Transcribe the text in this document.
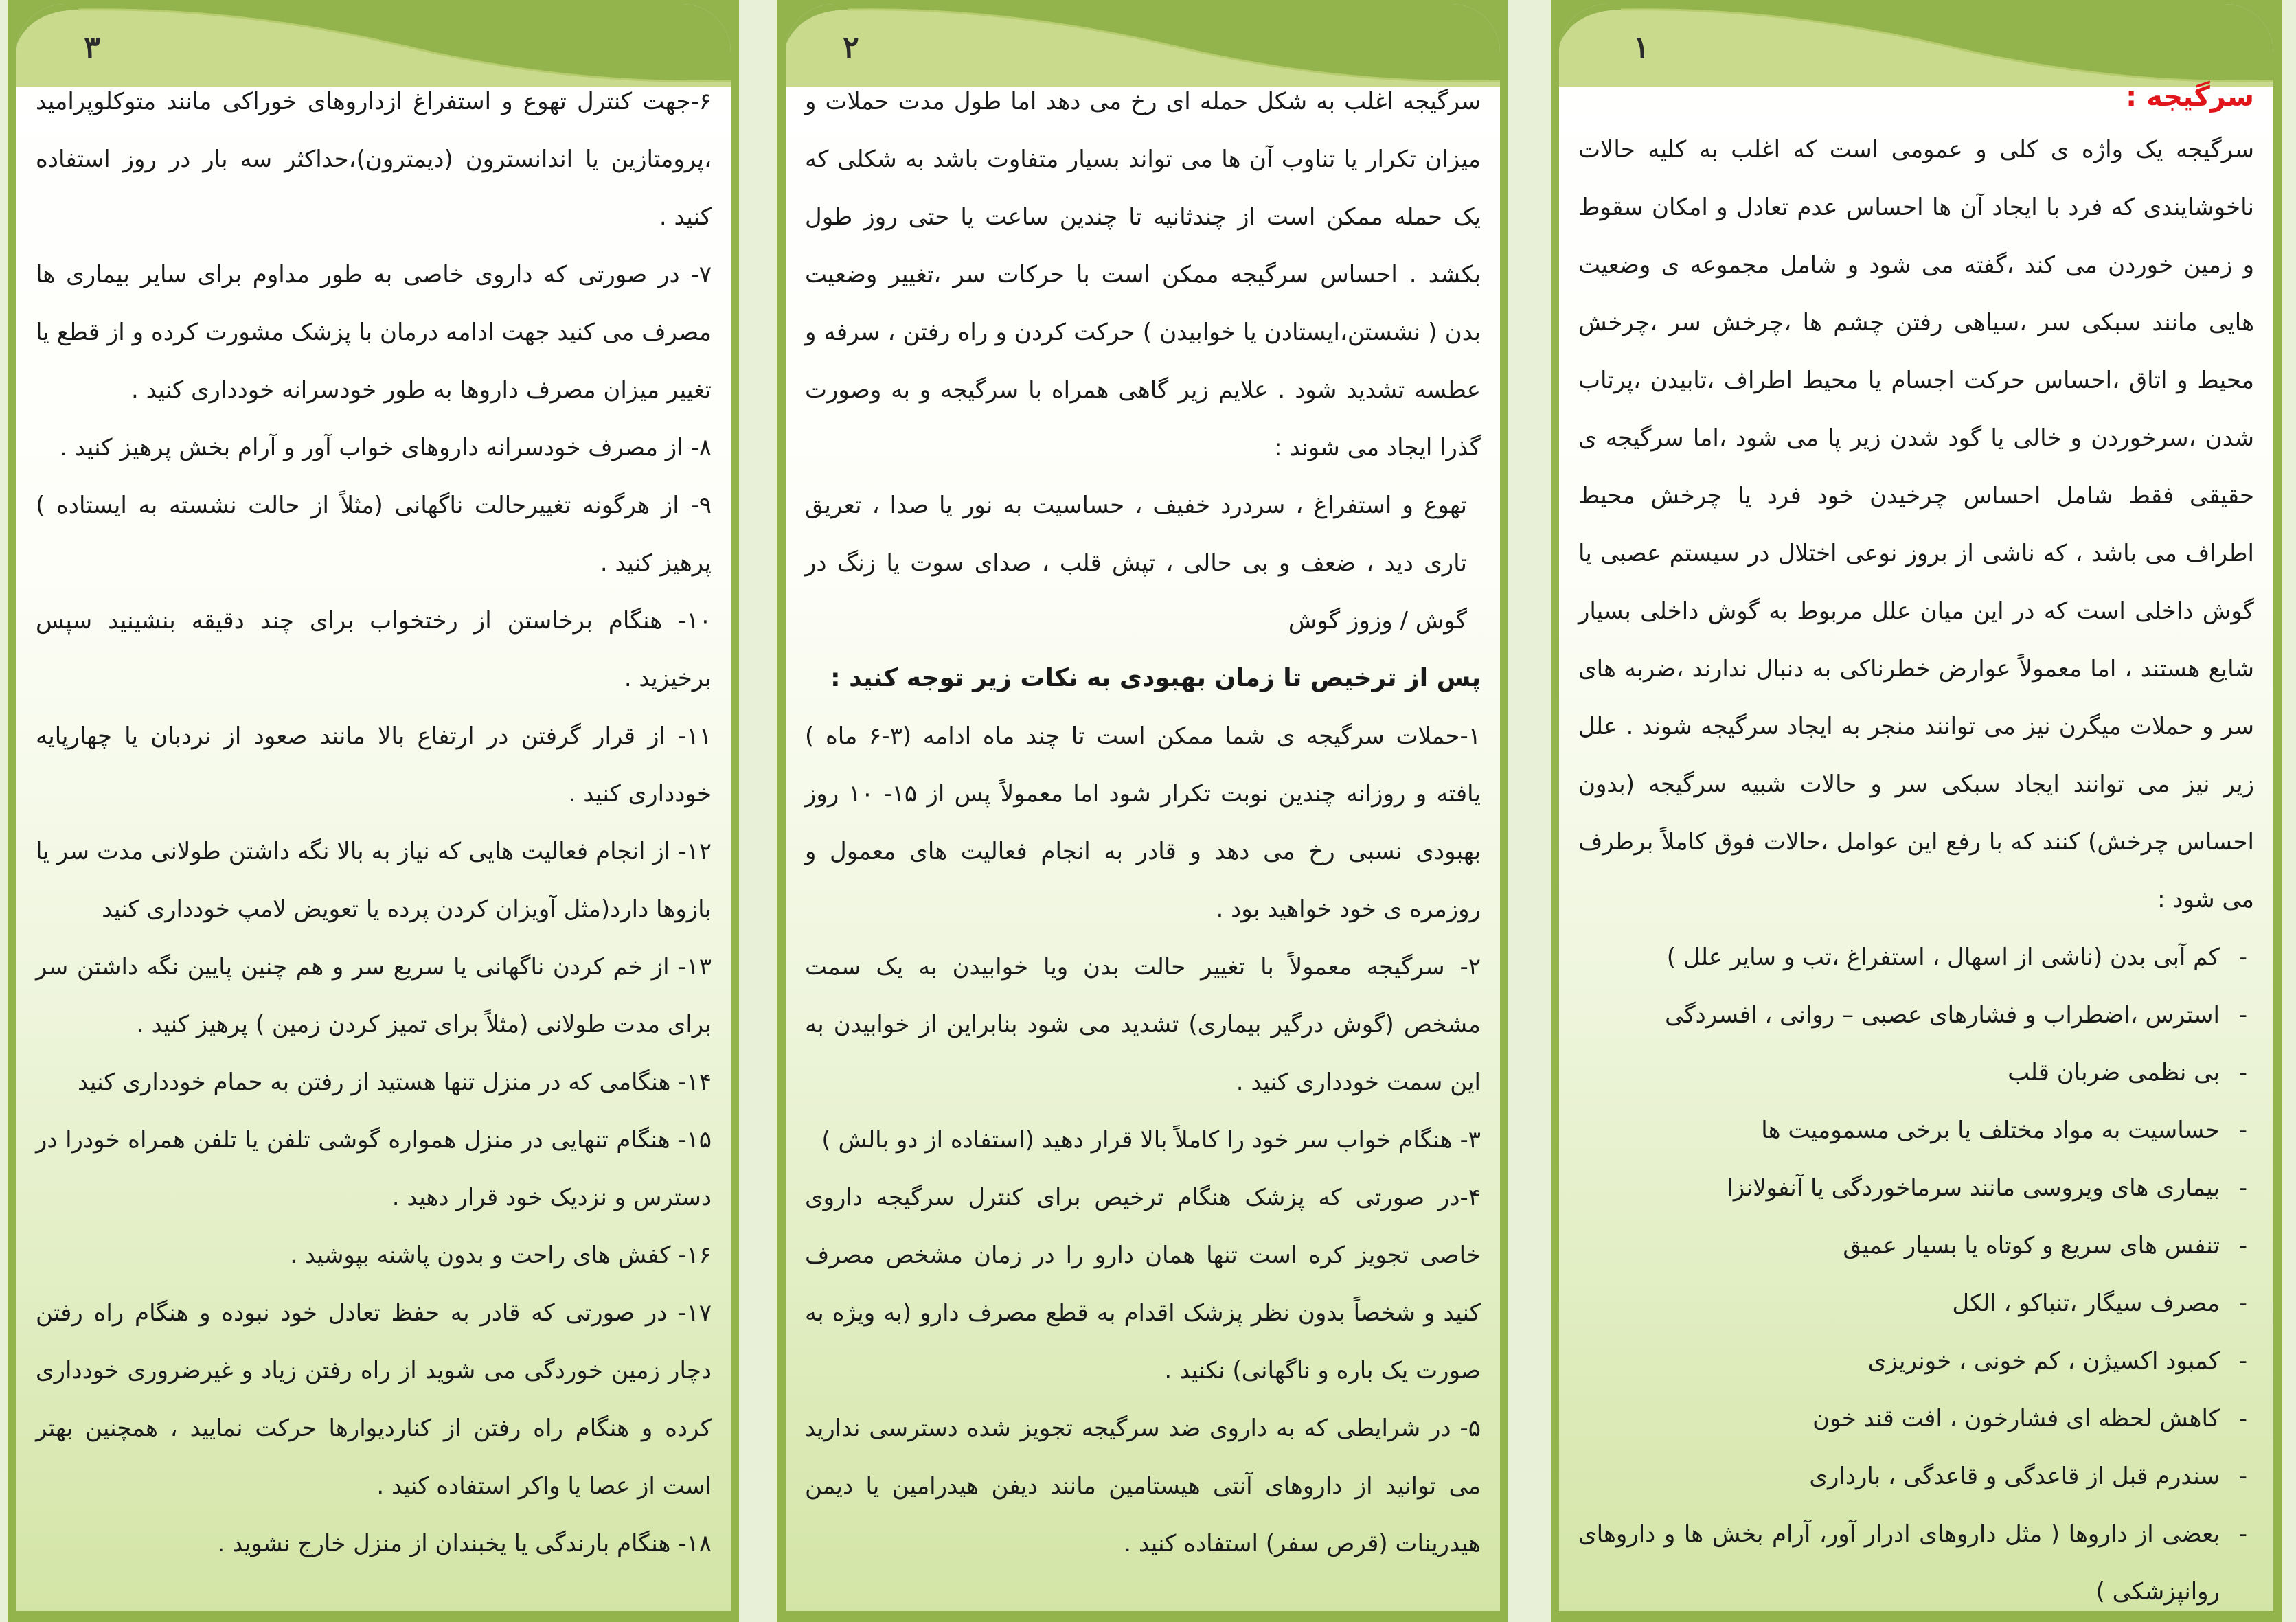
۱

سرگیجه :

سرگیجه یک واژه ی کلی و عمومی است که اغلب به کلیه حالات ناخوشایندی که فرد با ایجاد آن ها احساس عدم تعادل و امکان سقوط و زمین خوردن می کند ،گفته می شود و شامل مجموعه ی وضعیت هایی مانند سبکی سر ،سیاهی رفتن چشم ها ،چرخش سر ،چرخش محیط و اتاق ،احساس حرکت اجسام یا محیط اطراف ،تابیدن ،پرتاب شدن ،سرخوردن و خالی یا گود شدن زیر پا می شود ،اما سرگیجه ی حقیقی فقط شامل احساس چرخیدن خود فرد یا چرخش محیط اطراف می باشد ، که ناشی از بروز نوعی اختلال در سیستم عصبی یا گوش داخلی است که در این میان علل مربوط به گوش داخلی بسیار شایع هستند ، اما معمولاً عوارض خطرناکی به دنبال ندارند ،ضربه های سر و حملات میگرن نیز می توانند منجر به ایجاد سرگیجه شوند . علل زیر نیز می توانند ایجاد سبکی سر و حالات شبیه سرگیجه (بدون احساس چرخش) کنند که با رفع این عوامل ،حالات فوق کاملاً برطرف می شود :

- کم آبی بدن (ناشی از اسهال ، استفراغ ،تب و سایر علل )
- استرس ،اضطراب و فشارهای عصبی – روانی ، افسردگی
- بی نظمی ضربان قلب
- حساسیت به مواد مختلف یا برخی مسمومیت ها
- بیماری های ویروسی مانند سرماخوردگی یا آنفولانزا
- تنفس های سریع و کوتاه یا بسیار عمیق
- مصرف سیگار ،تنباکو ، الکل
- کمبود اکسیژن ، کم خونی ، خونریزی
- کاهش لحظه ای فشارخون ، افت قند خون
- سندرم قبل از قاعدگی و قاعدگی ، بارداری
- بعضی از داروها ( مثل داروهای ادرار آور، آرام بخش ها و داروهای روانپزشکی )
۲

سرگیجه اغلب به شکل حمله ای رخ می دهد اما طول مدت حملات و میزان تکرار یا تناوب آن ها می تواند بسیار متفاوت باشد به شکلی که یک حمله ممکن است از چندثانیه تا چندین ساعت یا حتی روز طول بکشد . احساس سرگیجه ممکن است با حرکات سر ،تغییر وضعیت بدن ( نشستن،ایستادن یا خوابیدن ) حرکت کردن و راه رفتن ، سرفه و عطسه تشدید شود . علایم زیر گاهی همراه با سرگیجه و به وصورت گذرا ایجاد می شوند :

تهوع و استفراغ ، سردرد خفیف ، حساسیت به نور یا صدا ، تعریق تاری دید ، ضعف و بی حالی ، تپش قلب ، صدای سوت یا زنگ در گوش / وزوز گوش

پس از ترخیص تا زمان بهبودی به نکات زیر توجه کنید :

۱-حملات سرگیجه ی شما ممکن است تا چند ماه ادامه (۳-۶ ماه ) یافته و روزانه چندین نوبت تکرار شود اما معمولاً پس از ۱۵- ۱۰ روز بهبودی نسبی رخ می دهد و قادر به انجام فعالیت های معمول و روزمره ی خود خواهید بود .

۲- سرگیجه معمولاً با تغییر حالت بدن ویا خوابیدن به یک سمت مشخص (گوش درگیر بیماری) تشدید می شود بنابراین از خوابیدن به این سمت خودداری کنید .

۳- هنگام خواب سر خود را کاملاً بالا قرار دهید (استفاده از دو بالش )

۴-در صورتی که پزشک هنگام ترخیص برای کنترل سرگیجه داروی خاصی تجویز کره است تنها همان دارو را در زمان مشخص مصرف کنید و شخصاً بدون نظر پزشک اقدام به قطع مصرف دارو (به ویژه به صورت یک باره و ناگهانی) نکنید .

۵- در شرایطی که به داروی ضد سرگیجه تجویز شده دسترسی ندارید می توانید از داروهای آنتی هیستامین مانند دیفن هیدرامین یا دیمن هیدرینات (قرص سفر) استفاده کنید .

۳

۶-جهت کنترل تهوع و استفراغ ازداروهای خوراکی مانند متوکلوپرامید ،پرومتازین یا اندانسترون (دیمترون)،حداکثر سه بار در روز استفاده کنید .

۷- در صورتی که داروی خاصی به طور مداوم برای سایر بیماری ها مصرف می کنید جهت ادامه درمان با پزشک مشورت کرده و از قطع یا تغییر میزان مصرف داروها به طور خودسرانه خودداری کنید .

۸- از مصرف خودسرانه داروهای خواب آور و آرام بخش پرهیز کنید .

۹- از هرگونه تغییرحالت ناگهانی (مثلاً از حالت نشسته به ایستاده ) پرهیز کنید .

۱۰- هنگام برخاستن از رختخواب برای چند دقیقه بنشینید سپس برخیزید .

۱۱- از قرار گرفتن در ارتفاع بالا مانند صعود از نردبان یا چهارپایه خودداری کنید .

۱۲- از انجام فعالیت هایی که نیاز به بالا نگه داشتن طولانی مدت سر یا بازوها دارد(مثل آویزان کردن پرده یا تعویض لامپ خودداری کنید

۱۳- از خم کردن ناگهانی یا سریع سر و هم چنین پایین نگه داشتن سر برای مدت طولانی (مثلاً برای تمیز کردن زمین ) پرهیز کنید .

۱۴- هنگامی که در منزل تنها هستید از رفتن به حمام خودداری کنید

۱۵- هنگام تنهایی در منزل همواره گوشی تلفن یا تلفن همراه خودرا در دسترس و نزدیک خود قرار دهید .

۱۶- کفش های راحت و بدون پاشنه بپوشید .

۱۷- در صورتی که قادر به حفظ تعادل خود نبوده و هنگام راه رفتن دچار زمین خوردگی می شوید از راه رفتن زیاد و غیرضروری خودداری کرده و هنگام راه رفتن از کناردیوارها حرکت نمایید ، همچنین بهتر است از عصا یا واکر استفاده کنید .

۱۸- هنگام بارندگی یا یخبندان از منزل خارج نشوید .
